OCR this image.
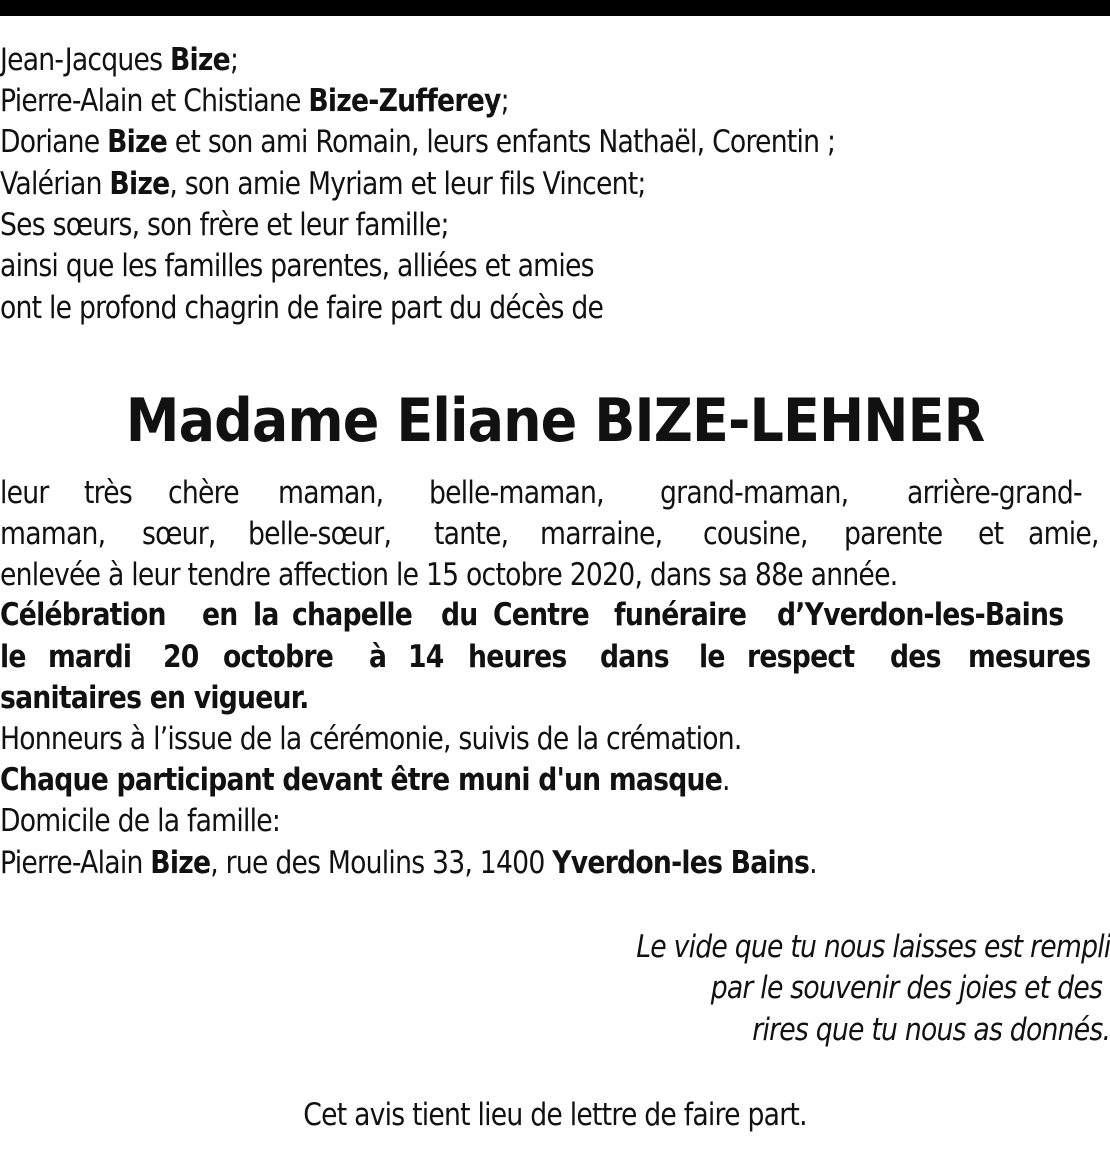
Jean-Jacques Bize;
Pierre-Alain et Chistiane Bize-Zufferey;
Doriane Bize et son ami Romain, leurs enfants Nathaël, Corentin ;
Valérian Bize, son amie Myriam et leur fils Vincent;
Ses sœurs, son frère et leur famille;
ainsi que les familles parentes, alliées et amies
ont le profond chagrin de faire part du décès de
Madame Eliane BIZE-LEHNER
leur très chère maman, belle-maman, grand-maman, arrière-grand-
maman, sœur, belle-sœur, tante, marraine, cousine, parente et amie,
enlevée à leur tendre affection le 15 octobre 2020, dans sa 88e année.
Célébration en la chapelle du Centre funéraire d’Yverdon-les-Bains
le mardi 20 octobre à 14 heures dans le respect des mesures
sanitaires en vigueur.
Honneurs à l’issue de la cérémonie, suivis de la crémation.
Chaque participant devant être muni d'un masque.
Domicile de la famille:
Pierre-Alain Bize, rue des Moulins 33, 1400 Yverdon-les Bains.
Le vide que tu nous laisses est rempli
par le souvenir des joies et des
rires que tu nous as donnés.
Cet avis tient lieu de lettre de faire part.
